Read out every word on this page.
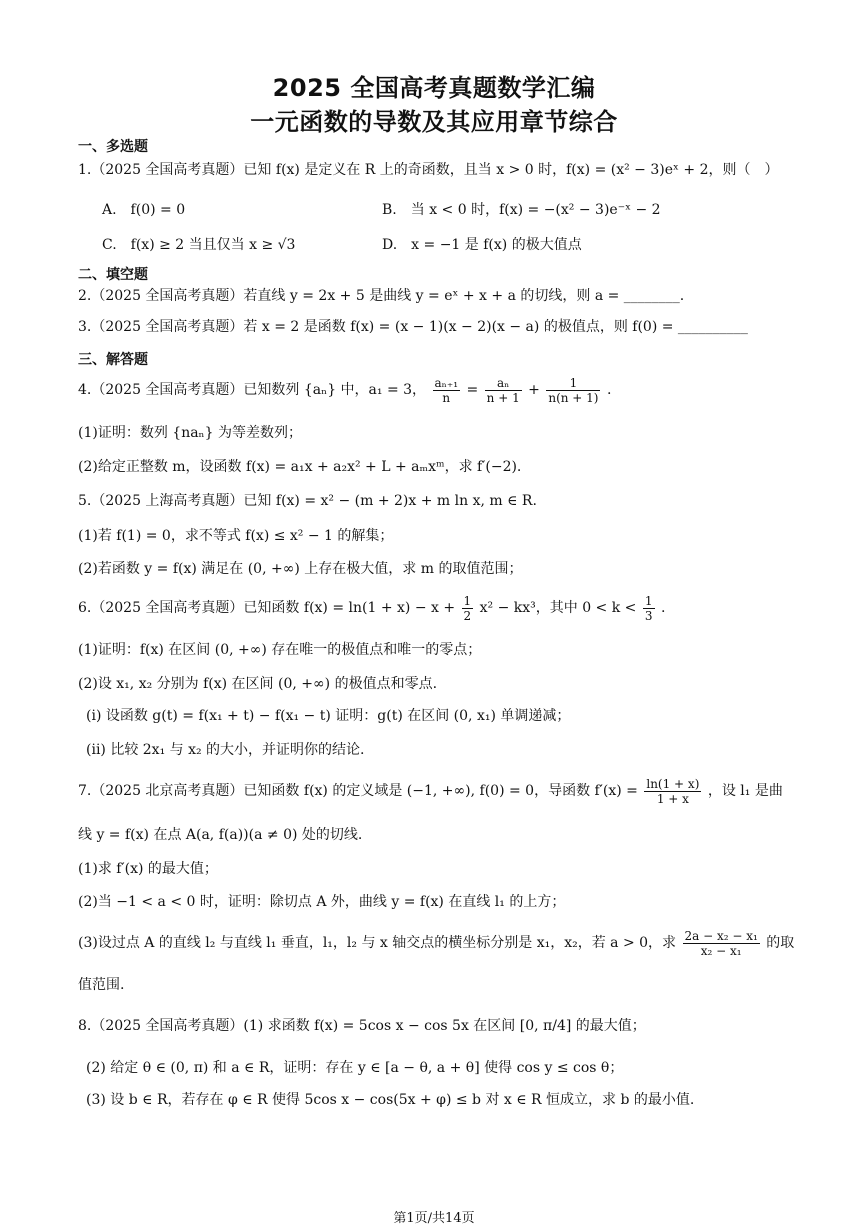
2025 全国高考真题数学汇编
一元函数的导数及其应用章节综合
一、多选题
1.（2025 全国高考真题）已知 f(x) 是定义在 R 上的奇函数，且当 x > 0 时，f(x) = (x² − 3)eˣ + 2，则（　）
A.　f(0) = 0	B.　当 x < 0 时，f(x) = −(x² − 3)e⁻ˣ − 2
C.　f(x) ≥ 2 当且仅当 x ≥ √3	D.　x = −1 是 f(x) 的极大值点
二、填空题
2.（2025 全国高考真题）若直线 y = 2x + 5 是曲线 y = eˣ + x + a 的切线，则 a = ________.
3.（2025 全国高考真题）若 x = 2 是函数 f(x) = (x − 1)(x − 2)(x − a) 的极值点，则 f(0) = __________
三、解答题
4.（2025 全国高考真题）已知数列 {aₙ} 中，a₁ = 3， $\frac{\text{aₙ₊₁}}{n} = \frac{\text{aₙ}}{n + 1} + \frac{1}{n(n + 1)}$ .
(1)证明：数列 {naₙ} 为等差数列；
(2)给定正整数 m，设函数 f(x) = a₁x + a₂x² + L + aₘxᵐ，求 f′(−2).
5.（2025 上海高考真题）已知 f(x) = x² − (m + 2)x + m ln x, m ∈ R.
(1)若 f(1) = 0，求不等式 f(x) ≤ x² − 1 的解集；
(2)若函数 y = f(x) 满足在 (0, +∞) 上存在极大值，求 m 的取值范围；
6.（2025 全国高考真题）已知函数 $f(x) = \ln(1 + x) - x + \frac{1}{2} x^2 - kx^3$，其中 $0 < k < \frac{1}{3}$ .
(1)证明：f(x) 在区间 (0, +∞) 存在唯一的极值点和唯一的零点；
(2)设 x₁, x₂ 分别为 f(x) 在区间 (0, +∞) 的极值点和零点.
(i) 设函数 g(t) = f(x₁ + t) − f(x₁ − t) 证明：g(t) 在区间 (0, x₁) 单调递减；
(ii) 比较 2x₁ 与 x₂ 的大小，并证明你的结论.
7.（2025 北京高考真题）已知函数 f(x) 的定义域是 (−1, +∞), f(0) = 0，导函数 $f'(x) = \frac{\ln(1 + x)}{1 + x}$ ，设 l₁ 是曲
线 y = f(x) 在点 A(a, f(a))(a ≠ 0) 处的切线.
(1)求 f′(x) 的最大值；
(2)当 −1 < a < 0 时，证明：除切点 A 外，曲线 y = f(x) 在直线 l₁ 的上方；
(3)设过点 A 的直线 l₂ 与直线 l₁ 垂直，l₁，l₂ 与 x 轴交点的横坐标分别是 x₁，x₂，若 a > 0，求 $\frac{\text{2a − x₂ − x₁}}{\text{x₂ − x₁}}$ 的取
值范围.
8.（2025 全国高考真题）(1) 求函数 f(x) = 5cos x − cos 5x 在区间 [0, π/4] 的最大值；
(2) 给定 θ ∈ (0, π) 和 a ∈ R，证明：存在 y ∈ [a − θ, a + θ] 使得 cos y ≤ cos θ；
(3) 设 b ∈ R，若存在 φ ∈ R 使得 5cos x − cos(5x + φ) ≤ b 对 x ∈ R 恒成立，求 b 的最小值.
第1页/共14页
